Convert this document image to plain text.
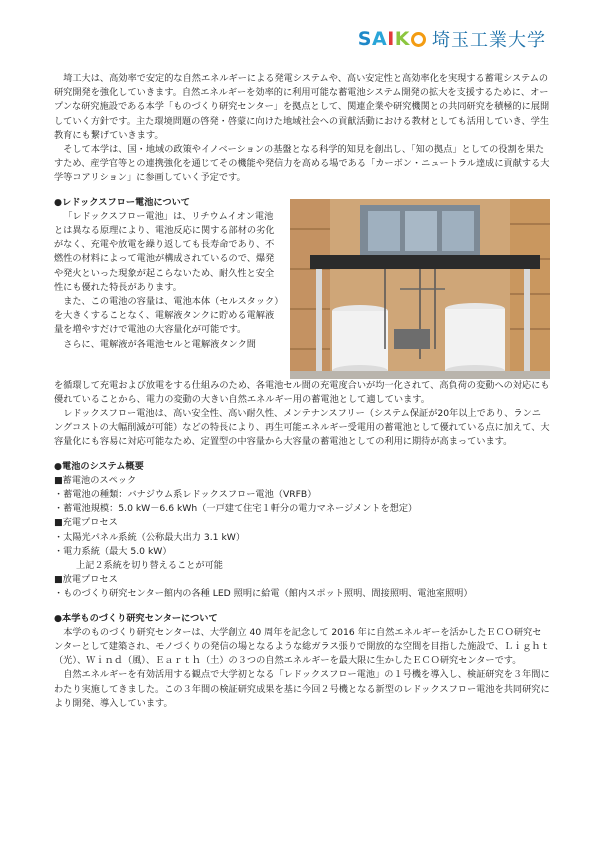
S A I K 埼玉工業大学

埼工大は、高効率で安定的な自然エネルギーによる発電システムや、高い安定性と高効率化を実現する蓄電システムの研究開発を強化していきます。自然エネルギーを効率的に利用可能な蓄電池システム開発の拡大を支援するために、オープンな研究施設である本学「ものづくり研究センター」を拠点として、関連企業や研究機関との共同研究を積極的に展開していく方針です。主た環境問題の啓発・啓蒙に向けた地域社会への貢献活動における教材としても活用していき、学生教育にも繋げていきます。

そして本学は、国・地域の政策やイノベーションの基盤となる科学的知見を創出し、「知の拠点」としての役割を果たすため、産学官等との連携強化を通じてその機能や発信力を高める場である「カーボン・ニュートラル達成に貢献する大学等コアリション」に参画していく予定です。

●レドックスフロー電池について

「レドックスフロー電池」は、リチウムイオン電池とは異なる原理により、電池反応に関する部材の劣化がなく、充電や放電を繰り返しても長寿命であり、不燃性の材料によって電池が構成されているので、爆発や発火といった現象が起こらないため、耐久性と安全性にも優れた特長があります。

また、この電池の容量は、電池本体（セルスタック）を大きくすることなく、電解液タンクに貯める電解液量を増やすだけで電池の大容量化が可能です。

さらに、電解液が各電池セルと電解液タンク間

を循環して充電および放電をする仕組みのため、各電池セル間の充電度合いが均一化されて、高負荷の変動への対応にも優れていることから、電力の変動の大きい自然エネルギー用の蓄電池として適しています。

レドックスフロー電池は、高い安全性、高い耐久性、メンテナンスフリー（システム保証が20年以上であり、ランニングコストの大幅削減が可能）などの特長により、再生可能エネルギー受電用の蓄電池として優れている点に加えて、大容量化にも容易に対応可能なため、定置型の中容量から大容量の蓄電池としての利用に期待が高まっています。

●電池のシステム概要

■蓄電池のスペック

・蓄電池の種類：バナジウム系レドックスフロー電池（VRFB）
・蓄電池規模：5.0 kW－6.6 kWh（一戸建て住宅１軒分の電力マネージメントを想定）

■充電プロセス

・太陽光パネル系統（公称最大出力 3.1 kW）
・電力系統（最大 5.0 kW）

上記２系統を切り替えることが可能

■放電プロセス

・ものづくり研究センター館内の各種 LED 照明に給電（館内スポット照明、間接照明、電池室照明）

●本学ものづくり研究センターについて

本学のものづくり研究センターは、大学創立 40 周年を記念して 2016 年に自然エネルギーを活かしたＥＣＯ研究センターとして建築され、モノづくりの発信の場となるような総ガラス張りで開放的な空間を目指した施設で、Ｌｉｇｈｔ（光）、Ｗｉｎｄ（風）、Ｅａｒｔｈ（土）の３つの自然エネルギーを最大限に生かしたＥＣＯ研究センターです。

自然エネルギーを有効活用する観点で大学初となる「レドックスフロー電池」の１号機を導入し、検証研究を３年間にわたり実施してきました。この３年間の検証研究成果を基に今回２号機となる新型のレドックスフロー電池を共同研究により開発、導入しています。
